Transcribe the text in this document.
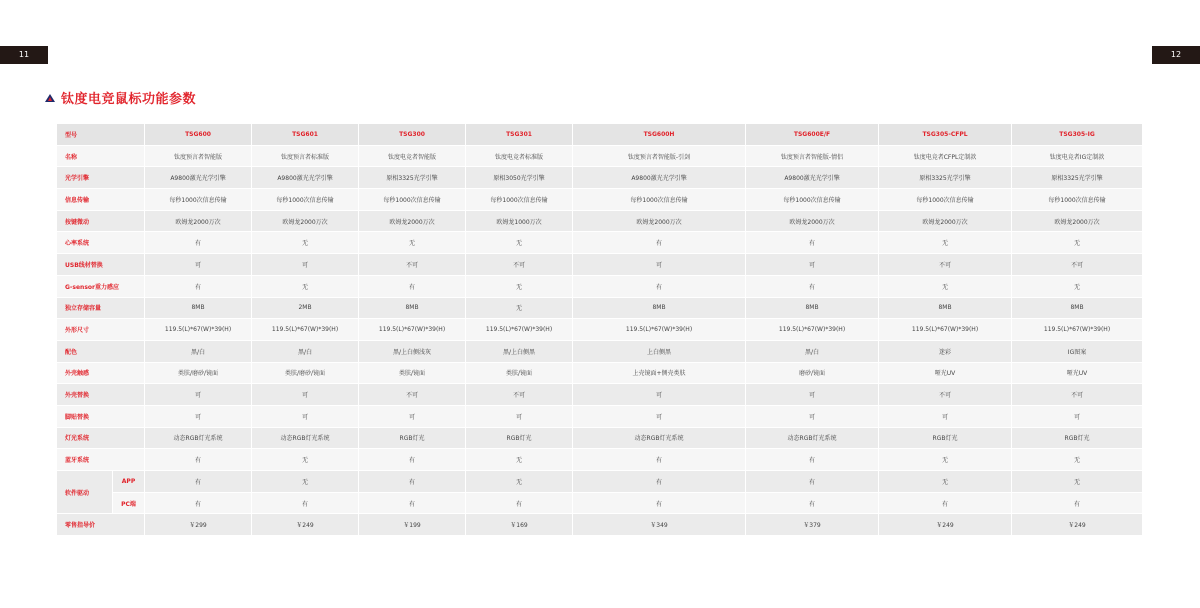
11	12
钛度电竞鼠标功能参数
型号		TSG600	TSG601	TSG300	TSG301	TSG600H	TSG600E/F	TSG305-CFPL	TSG305-IG
名称		钛度预言者智能版	钛度预言者标准版	钛度电竞者智能版	钛度电竞者标准版	钛度预言者智能版-引剑	钛度预言者智能版-情侣	钛度电竞者CFPL定制款	钛度电竞者IG定制款
光学引擎		A9800激光光学引擎	A9800激光光学引擎	原相3325光学引擎	原相3050光学引擎	A9800激光光学引擎	A9800激光光学引擎	原相3325光学引擎	原相3325光学引擎
信息传输		每秒1000次信息传输	每秒1000次信息传输	每秒1000次信息传输	每秒1000次信息传输	每秒1000次信息传输	每秒1000次信息传输	每秒1000次信息传输	每秒1000次信息传输
按键微动		欧姆龙2000万次	欧姆龙2000万次	欧姆龙2000万次	欧姆龙1000万次	欧姆龙2000万次	欧姆龙2000万次	欧姆龙2000万次	欧姆龙2000万次
心率系统		有	无	无	无	有	有	无	无
USB线材替换		可	可	不可	不可	可	可	不可	不可
G-sensor重力感应		有	无	有	无	有	有	无	无
独立存储容量		8MB	2MB	8MB	无	8MB	8MB	8MB	8MB
外形尺寸		119.5(L)*67(W)*39(H)	119.5(L)*67(W)*39(H)	119.5(L)*67(W)*39(H)	119.5(L)*67(W)*39(H)	119.5(L)*67(W)*39(H)	119.5(L)*67(W)*39(H)	119.5(L)*67(W)*39(H)	119.5(L)*67(W)*39(H)
配色		黑/白	黑/白	黑/上白侧浅灰	黑/上白侧黑	上白侧黑	黑/白	迷彩	IG图案
外壳触感		类肤/磨砂/镜面	类肤/磨砂/镜面	类肤/镜面	类肤/镜面	上壳镜面+侧壳类肤	磨砂/镜面	哑光UV	哑光UV
外壳替换		可	可	不可	不可	可	可	不可	不可
脚贴替换		可	可	可	可	可	可	可	可
灯光系统		动态RGB灯光系统	动态RGB灯光系统	RGB灯光	RGB灯光	动态RGB灯光系统	动态RGB灯光系统	RGB灯光	RGB灯光
蓝牙系统		有	无	有	无	有	有	无	无
软件驱动	APP	有	无	有	无	有	有	无	无
	PC端	有	有	有	有	有	有	有	有
零售指导价		￥299	￥249	￥199	￥169	￥349	￥379	￥249	￥249
